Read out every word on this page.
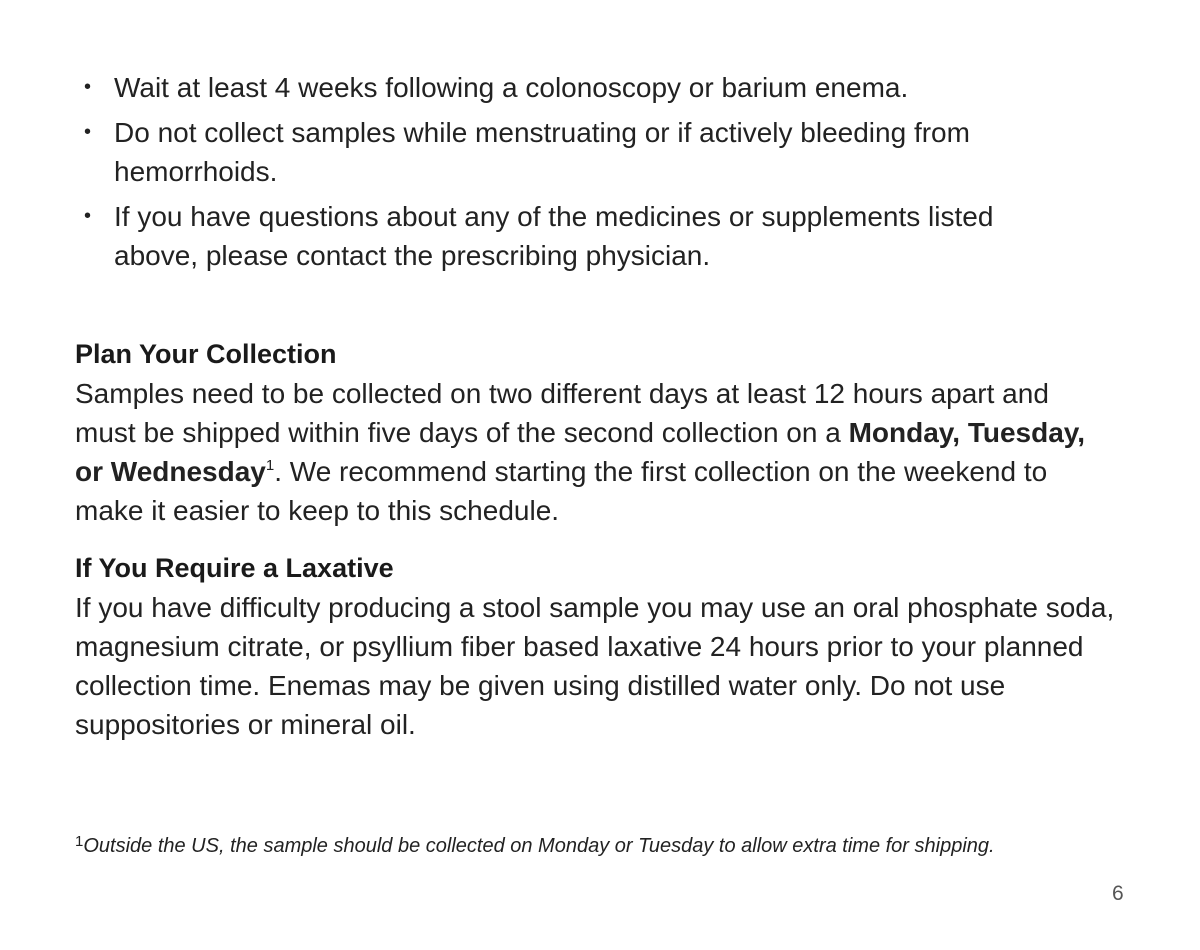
• Wait at least 4 weeks following a colonoscopy or barium enema.
• Do not collect samples while menstruating or if actively bleeding from hemorrhoids.
• If you have questions about any of the medicines or supplements listed above, please contact the prescribing physician.
Plan Your Collection

Samples need to be collected on two different days at least 12 hours apart and must be shipped within five days of the second collection on a Monday, Tuesday, or Wednesday$^1$. We recommend starting the first collection on the weekend to make it easier to keep to this schedule.

If You Require a Laxative

If you have difficulty producing a stool sample you may use an oral phosphate soda, magnesium citrate, or psyllium fiber based laxative 24 hours prior to your planned collection time. Enemas may be given using distilled water only. Do not use suppositories or mineral oil.

$^1$Outside the US, the sample should be collected on Monday or Tuesday to allow extra time for shipping.
6
